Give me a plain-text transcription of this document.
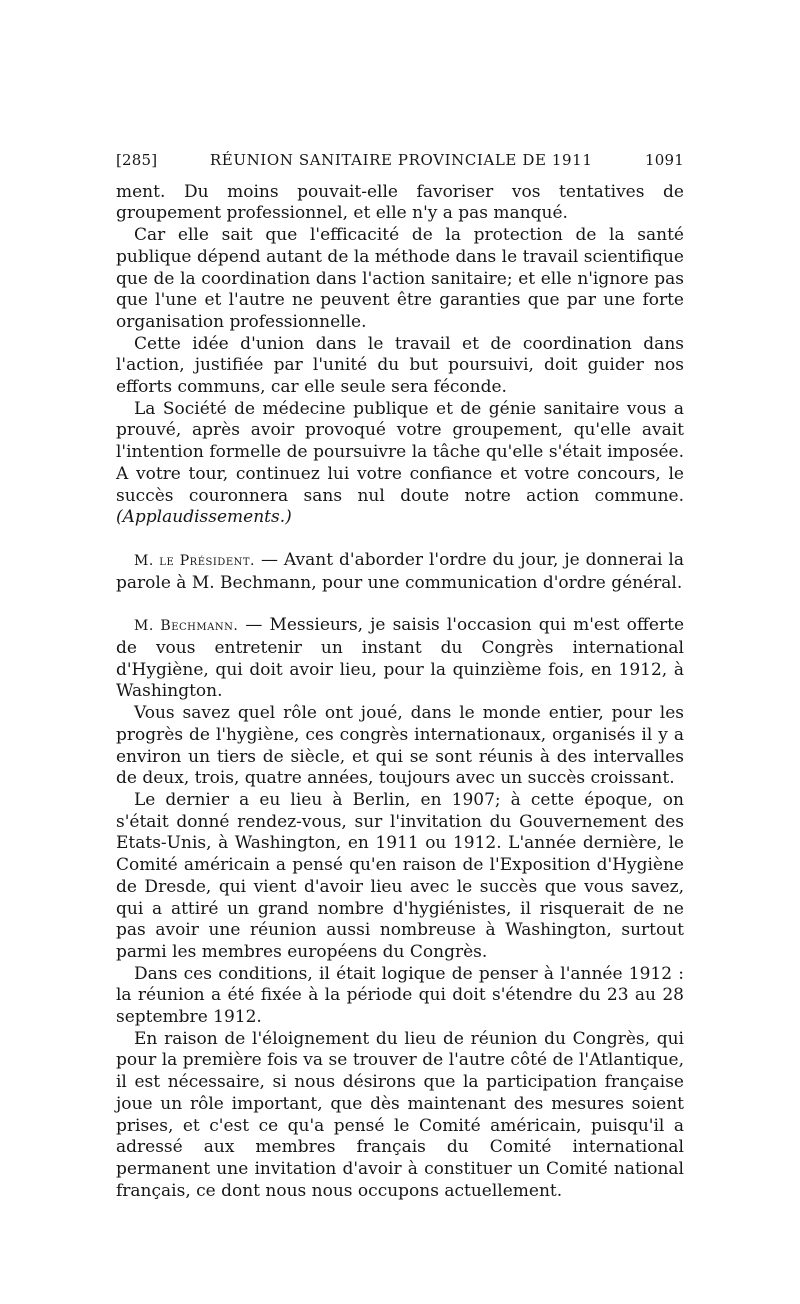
[285]	RÉUNION SANITAIRE PROVINCIALE DE 1911	1091

ment. Du moins pouvait-elle favoriser vos tentatives de groupement professionnel, et elle n'y a pas manqué.

Car elle sait que l'efficacité de la protection de la santé publique dépend autant de la méthode dans le travail scientifique que de la coordination dans l'action sanitaire; et elle n'ignore pas que l'une et l'autre ne peuvent être garanties que par une forte organisation professionnelle.

Cette idée d'union dans le travail et de coordination dans l'action, justifiée par l'unité du but poursuivi, doit guider nos efforts communs, car elle seule sera féconde.

La Société de médecine publique et de génie sanitaire vous a prouvé, après avoir provoqué votre groupement, qu'elle avait l'intention formelle de poursuivre la tâche qu'elle s'était imposée. A votre tour, continuez lui votre confiance et votre concours, le succès couronnera sans nul doute notre action commune. (Applaudissements.)

M. le Président. — Avant d'aborder l'ordre du jour, je donnerai la parole à M. Bechmann, pour une communication d'ordre général.

M. Bechmann. — Messieurs, je saisis l'occasion qui m'est offerte de vous entretenir un instant du Congrès international d'Hygiène, qui doit avoir lieu, pour la quinzième fois, en 1912, à Washington.

Vous savez quel rôle ont joué, dans le monde entier, pour les progrès de l'hygiène, ces congrès internationaux, organisés il y a environ un tiers de siècle, et qui se sont réunis à des intervalles de deux, trois, quatre années, toujours avec un succès croissant.

Le dernier a eu lieu à Berlin, en 1907; à cette époque, on s'était donné rendez-vous, sur l'invitation du Gouvernement des Etats-Unis, à Washington, en 1911 ou 1912. L'année dernière, le Comité américain a pensé qu'en raison de l'Exposition d'Hygiène de Dresde, qui vient d'avoir lieu avec le succès que vous savez, qui a attiré un grand nombre d'hygiénistes, il risquerait de ne pas avoir une réunion aussi nombreuse à Washington, surtout parmi les membres européens du Congrès.

Dans ces conditions, il était logique de penser à l'année 1912 : la réunion a été fixée à la période qui doit s'étendre du 23 au 28 septembre 1912.

En raison de l'éloignement du lieu de réunion du Congrès, qui pour la première fois va se trouver de l'autre côté de l'Atlantique, il est nécessaire, si nous désirons que la participation française joue un rôle important, que dès maintenant des mesures soient prises, et c'est ce qu'a pensé le Comité américain, puisqu'il a adressé aux membres français du Comité international permanent une invitation d'avoir à constituer un Comité national français, ce dont nous nous occupons actuellement.
